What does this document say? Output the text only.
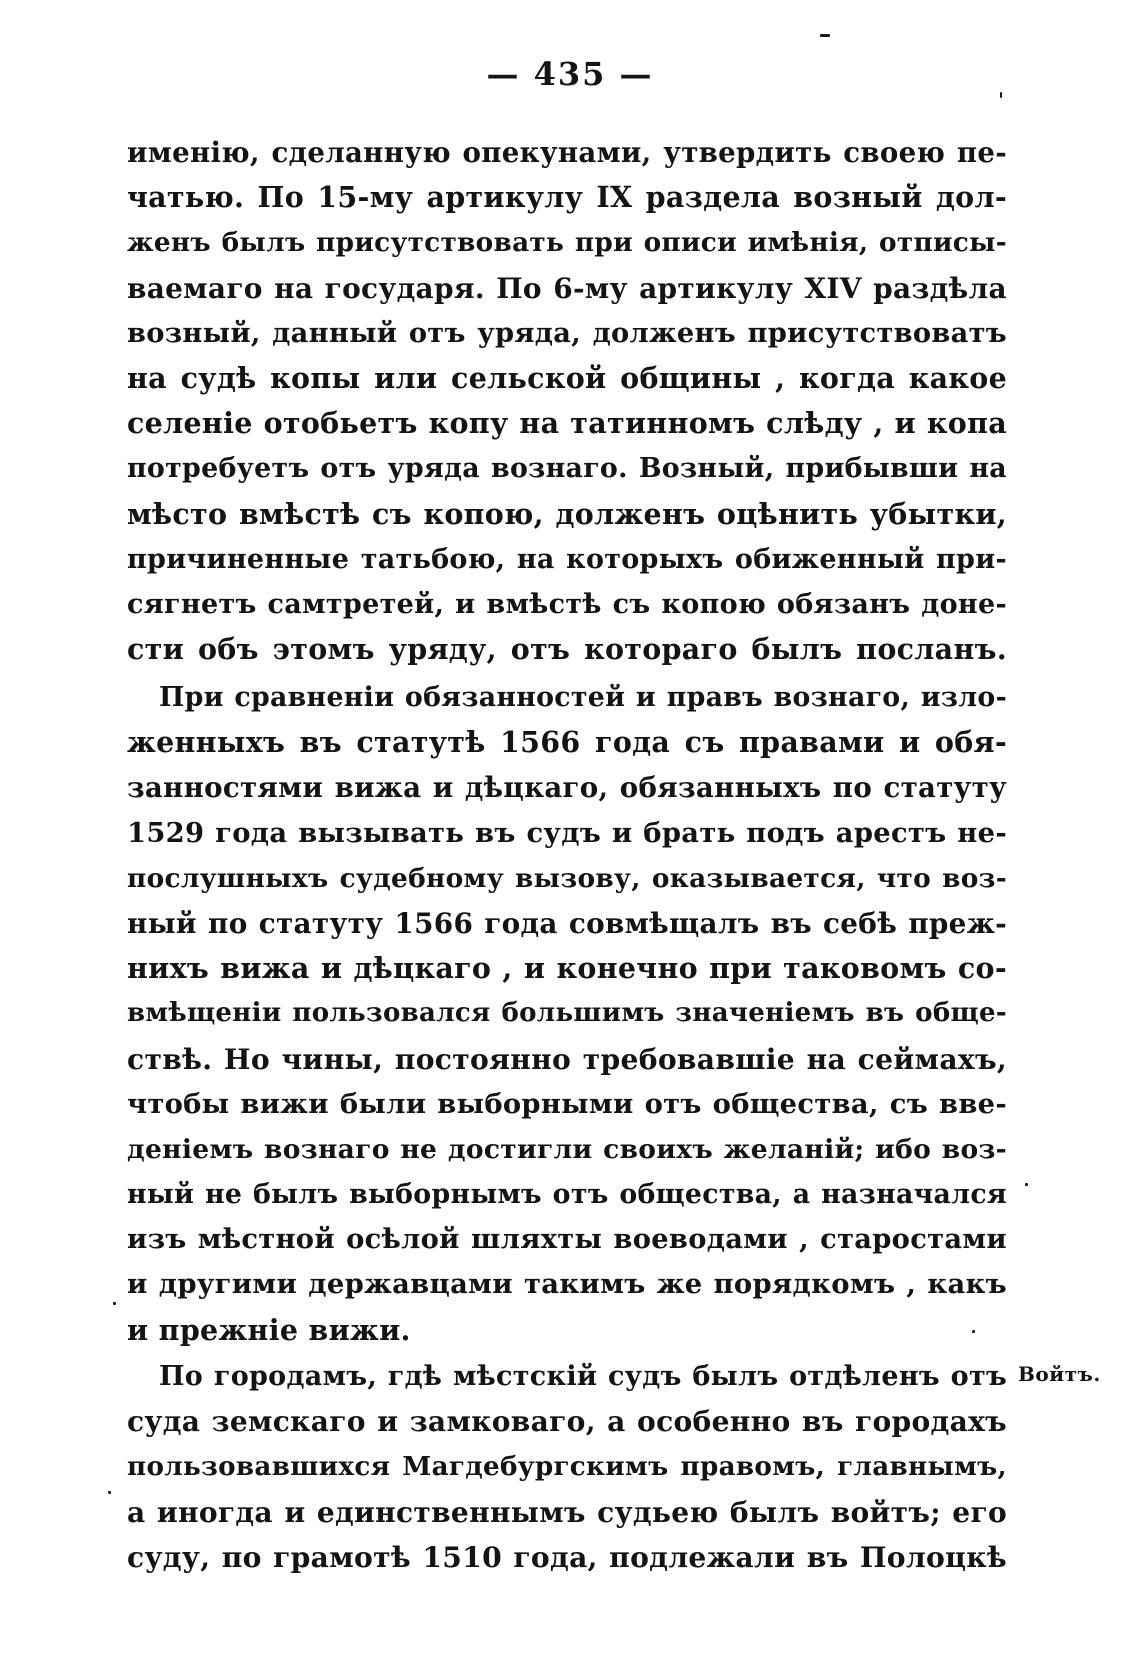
— 435 —
именію, сделанную опекунами, утвердить своею пе-
чатью. По 15-му артикулу IX раздела возный дол-
женъ былъ присутствовать при описи имѣнія, отписы-
ваемаго на государя. По 6-му артикулу XIV раздѣла
возный, данный отъ уряда, долженъ присутствоватъ
на судѣ копы или сельской общины , когда какое
селеніе отобьетъ копу на татинномъ слѣду , и копа
потребуетъ отъ уряда вознаго. Возный, прибывши на
мѣсто вмѣстѣ съ копою, долженъ оцѣнить убытки,
причиненные татьбою, на которыхъ обиженный при-
сягнетъ самтретей, и вмѣстѣ съ копою обязанъ доне-
сти объ этомъ уряду, отъ котораго былъ посланъ.
При сравненіи обязанностей и правъ вознаго, изло-
женныхъ въ статутѣ 1566 года съ правами и обя-
занностями вижа и дѣцкаго, обязанныхъ по статуту
1529 года вызывать въ судъ и брать подъ арестъ не-
послушныхъ судебному вызову, оказывается, что воз-
ный по статуту 1566 года совмѣщалъ въ себѣ преж-
нихъ вижа и дѣцкаго , и конечно при таковомъ со-
вмѣщеніи пользовался большимъ значеніемъ въ обще-
ствѣ. Но чины, постоянно требовавшіе на сеймахъ,
чтобы вижи были выборными отъ общества, съ вве-
деніемъ вознаго не достигли своихъ желаній; ибо воз-
ный не былъ выборнымъ отъ общества, а назначался
изъ мѣстной осѣлой шляхты воеводами , старостами
и другими державцами такимъ же порядкомъ , какъ
и прежніе вижи.
По городамъ, гдѣ мѣстскій судъ былъ отдѣленъ отъ
суда земскаго и замковаго, а особенно въ городахъ
пользовавшихся Магдебургскимъ правомъ, главнымъ,
а иногда и единственнымъ судьею былъ войтъ; его
суду, по грамотѣ 1510 года, подлежали въ Полоцкѣ
Войтъ.
